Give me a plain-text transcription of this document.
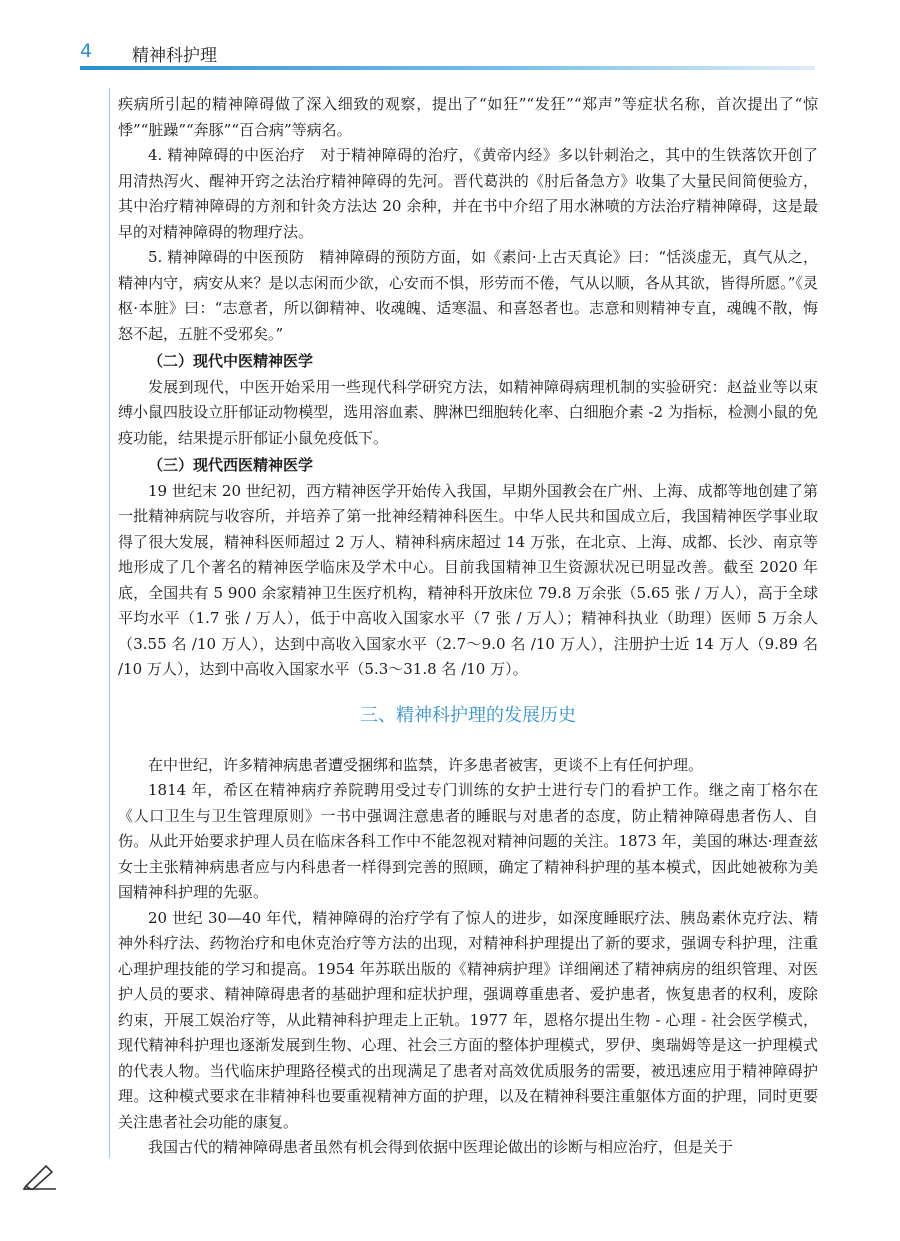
4 精神科护理

疾病所引起的精神障碍做了深入细致的观察，提出了“如狂”“发狂”“郑声”等症状名称，首次提出了“惊悸”“脏躁”“奔豚”“百合病”等病名。

4. 精神障碍的中医治疗　对于精神障碍的治疗，《黄帝内经》多以针刺治之，其中的生铁落饮开创了用清热泻火、醒神开窍之法治疗精神障碍的先河。晋代葛洪的《肘后备急方》收集了大量民间简便验方，其中治疗精神障碍的方剂和针灸方法达 20 余种，并在书中介绍了用水淋喷的方法治疗精神障碍，这是最早的对精神障碍的物理疗法。

5. 精神障碍的中医预防　精神障碍的预防方面，如《素问·上古天真论》曰：“恬淡虚无，真气从之，精神内守，病安从来？是以志闲而少欲，心安而不惧，形劳而不倦，气从以顺，各从其欲，皆得所愿。”《灵枢·本脏》曰：“志意者，所以御精神、收魂魄、适寒温、和喜怒者也。志意和则精神专直，魂魄不散，悔怒不起，五脏不受邪矣。”

（二）现代中医精神医学

发展到现代，中医开始采用一些现代科学研究方法，如精神障碍病理机制的实验研究：赵益业等以束缚小鼠四肢设立肝郁证动物模型，选用溶血素、脾淋巴细胞转化率、白细胞介素 -2 为指标，检测小鼠的免疫功能，结果提示肝郁证小鼠免疫低下。

（三）现代西医精神医学

19 世纪末 20 世纪初，西方精神医学开始传入我国，早期外国教会在广州、上海、成都等地创建了第一批精神病院与收容所，并培养了第一批神经精神科医生。中华人民共和国成立后，我国精神医学事业取得了很大发展，精神科医师超过 2 万人、精神科病床超过 14 万张，在北京、上海、成都、长沙、南京等地形成了几个著名的精神医学临床及学术中心。目前我国精神卫生资源状况已明显改善。截至 2020 年底，全国共有 5 900 余家精神卫生医疗机构，精神科开放床位 79.8 万余张（5.65 张 / 万人），高于全球平均水平（1.7 张 / 万人），低于中高收入国家水平（7 张 / 万人）；精神科执业（助理）医师 5 万余人（3.55 名 /10 万人），达到中高收入国家水平（2.7～9.0 名 /10 万人），注册护士近 14 万人（9.89 名 /10 万人），达到中高收入国家水平（5.3～31.8 名 /10 万）。

三、精神科护理的发展历史

在中世纪，许多精神病患者遭受捆绑和监禁，许多患者被害，更谈不上有任何护理。

1814 年，希区在精神病疗养院聘用受过专门训练的女护士进行专门的看护工作。继之南丁格尔在《人口卫生与卫生管理原则》一书中强调注意患者的睡眠与对患者的态度，防止精神障碍患者伤人、自伤。从此开始要求护理人员在临床各科工作中不能忽视对精神问题的关注。1873 年，美国的琳达·理查兹女士主张精神病患者应与内科患者一样得到完善的照顾，确定了精神科护理的基本模式，因此她被称为美国精神科护理的先驱。

20 世纪 30—40 年代，精神障碍的治疗学有了惊人的进步，如深度睡眠疗法、胰岛素休克疗法、精神外科疗法、药物治疗和电休克治疗等方法的出现，对精神科护理提出了新的要求，强调专科护理，注重心理护理技能的学习和提高。1954 年苏联出版的《精神病护理》详细阐述了精神病房的组织管理、对医护人员的要求、精神障碍患者的基础护理和症状护理，强调尊重患者、爱护患者，恢复患者的权利，废除约束，开展工娱治疗等，从此精神科护理走上正轨。1977 年，恩格尔提出生物 - 心理 - 社会医学模式，现代精神科护理也逐渐发展到生物、心理、社会三方面的整体护理模式，罗伊、奥瑞姆等是这一护理模式的代表人物。当代临床护理路径模式的出现满足了患者对高效优质服务的需要，被迅速应用于精神障碍护理。这种模式要求在非精神科也要重视精神方面的护理，以及在精神科要注重躯体方面的护理，同时更要关注患者社会功能的康复。

我国古代的精神障碍患者虽然有机会得到依据中医理论做出的诊断与相应治疗，但是关于
